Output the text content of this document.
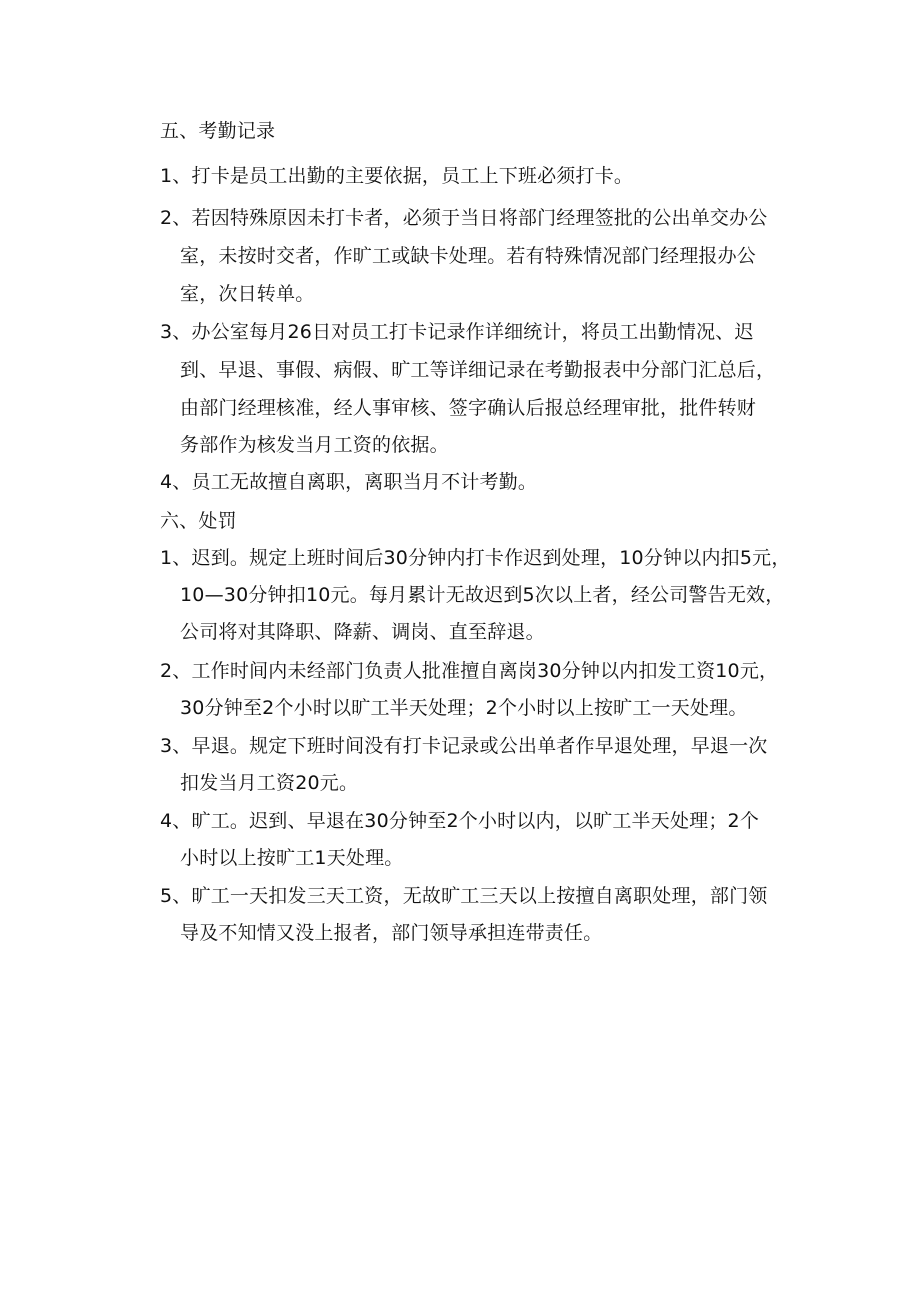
五、考勤记录
1、打卡是员工出勤的主要依据，员工上下班必须打卡。
2、若因特殊原因未打卡者，必须于当日将部门经理签批的公出单交办公
室，未按时交者，作旷工或缺卡处理。若有特殊情况部门经理报办公
室，次日转单。
3、办公室每月26日对员工打卡记录作详细统计，将员工出勤情况、迟
到、早退、事假、病假、旷工等详细记录在考勤报表中分部门汇总后，
由部门经理核准，经人事审核、签字确认后报总经理审批，批件转财
务部作为核发当月工资的依据。
4、员工无故擅自离职，离职当月不计考勤。
六、处罚
1、迟到。规定上班时间后30分钟内打卡作迟到处理，10分钟以内扣5元，
10—30分钟扣10元。每月累计无故迟到5次以上者，经公司警告无效，
公司将对其降职、降薪、调岗、直至辞退。
2、工作时间内未经部门负责人批准擅自离岗30分钟以内扣发工资10元，
30分钟至2个小时以旷工半天处理；2个小时以上按旷工一天处理。
3、早退。规定下班时间没有打卡记录或公出单者作早退处理，早退一次
扣发当月工资20元。
4、旷工。迟到、早退在30分钟至2个小时以内，以旷工半天处理；2个
小时以上按旷工1天处理。
5、旷工一天扣发三天工资，无故旷工三天以上按擅自离职处理，部门领
导及不知情又没上报者，部门领导承担连带责任。
